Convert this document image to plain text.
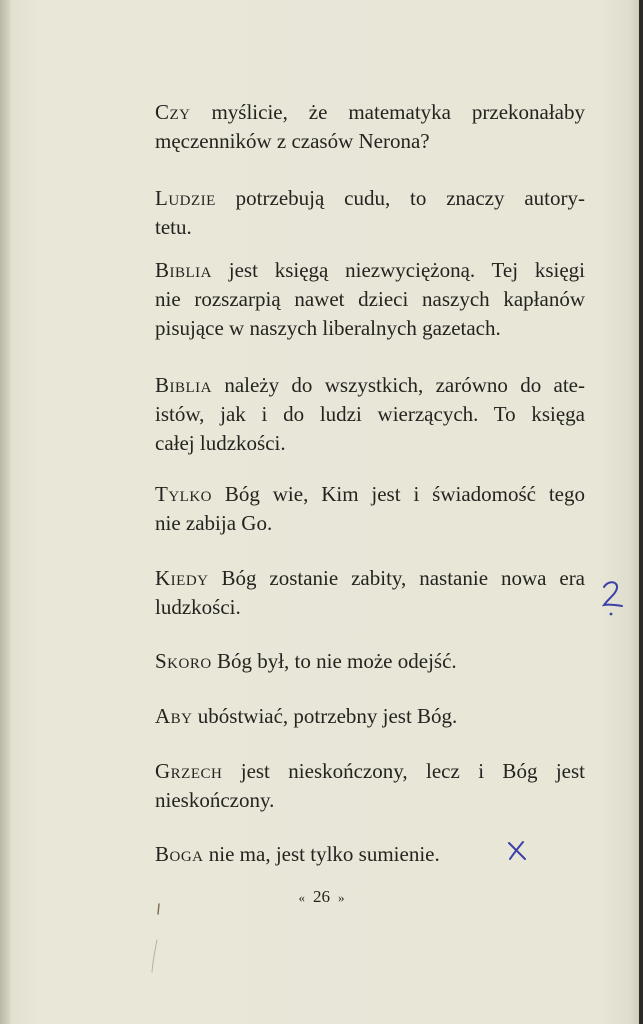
Czy myślicie, że matematyka przekonałaby
męczenników z czasów Nerona?
Ludzie potrzebują cudu, to znaczy autory-
tetu.
Biblia jest księgą niezwyciężoną. Tej księgi
nie rozszarpią nawet dzieci naszych kapłanów
pisujące w naszych liberalnych gazetach.
Biblia należy do wszystkich, zarówno do ate-
istów, jak i do ludzi wierzących. To księga
całej ludzkości.
Tylko Bóg wie, Kim jest i świadomość tego
nie zabija Go.
Kiedy Bóg zostanie zabity, nastanie nowa era
ludzkości.
Skoro Bóg był, to nie może odejść.
Aby ubóstwiać, potrzebny jest Bóg.
Grzech jest nieskończony, lecz i Bóg jest
nieskończony.
Boga nie ma, jest tylko sumienie.
« 26 »
